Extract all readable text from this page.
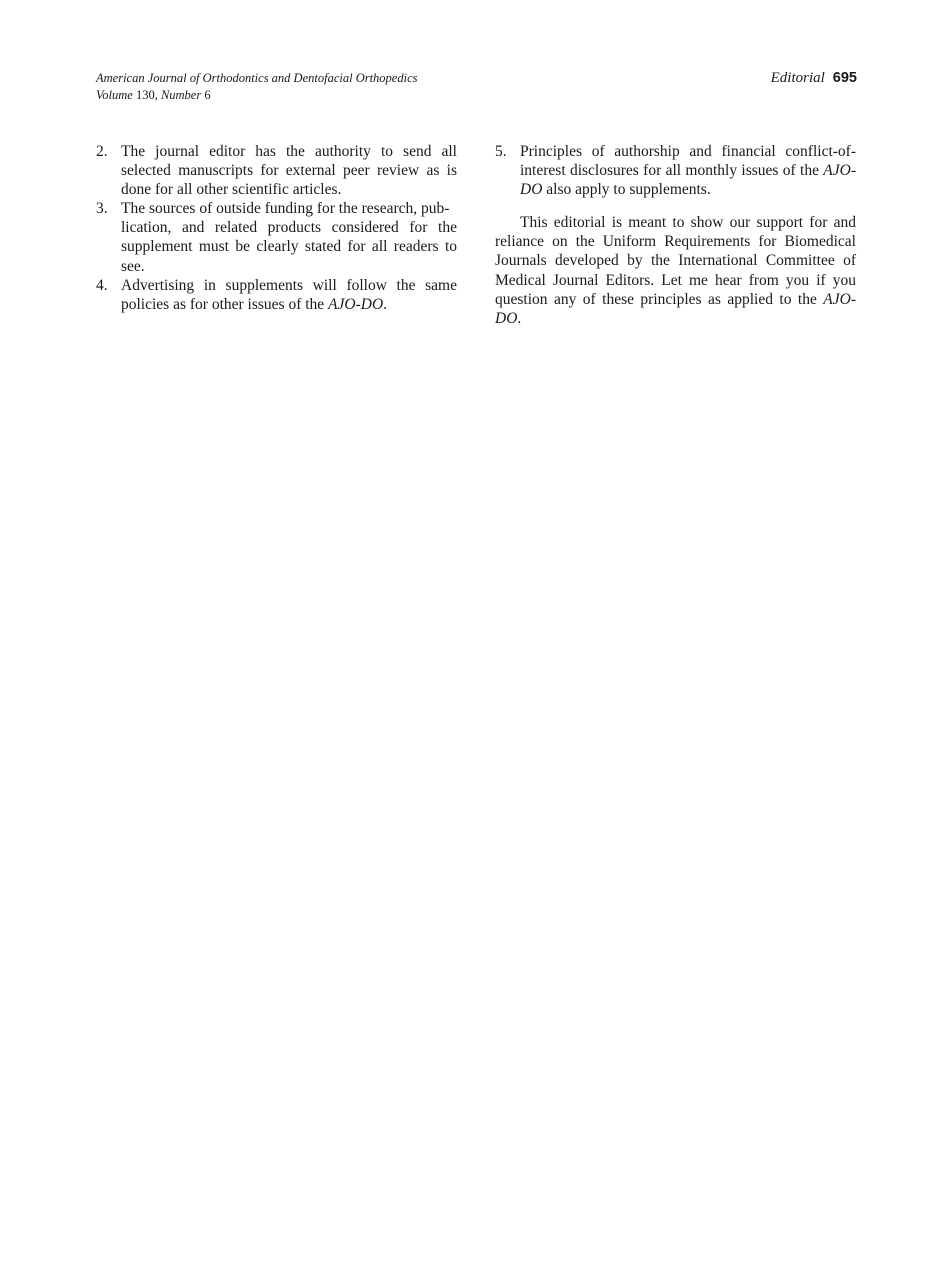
American Journal of Orthodontics and Dentofacial Orthopedics
Volume 130, Number 6
Editorial 695
2. The journal editor has the authority to send all selected manuscripts for external peer review as is done for all other scientific articles.
3. The sources of outside funding for the research, pub-
lication, and related products considered for the supplement must be clearly stated for all readers to see.
4. Advertising in supplements will follow the same policies as for other issues of the AJO-DO.
5. Principles of authorship and financial conflict-of-interest disclosures for all monthly issues of the AJO-DO also apply to supplements.

This editorial is meant to show our support for and reliance on the Uniform Requirements for Biomedical Journals developed by the International Committee of Medical Journal Editors. Let me hear from you if you question any of these principles as applied to the AJO-DO.
